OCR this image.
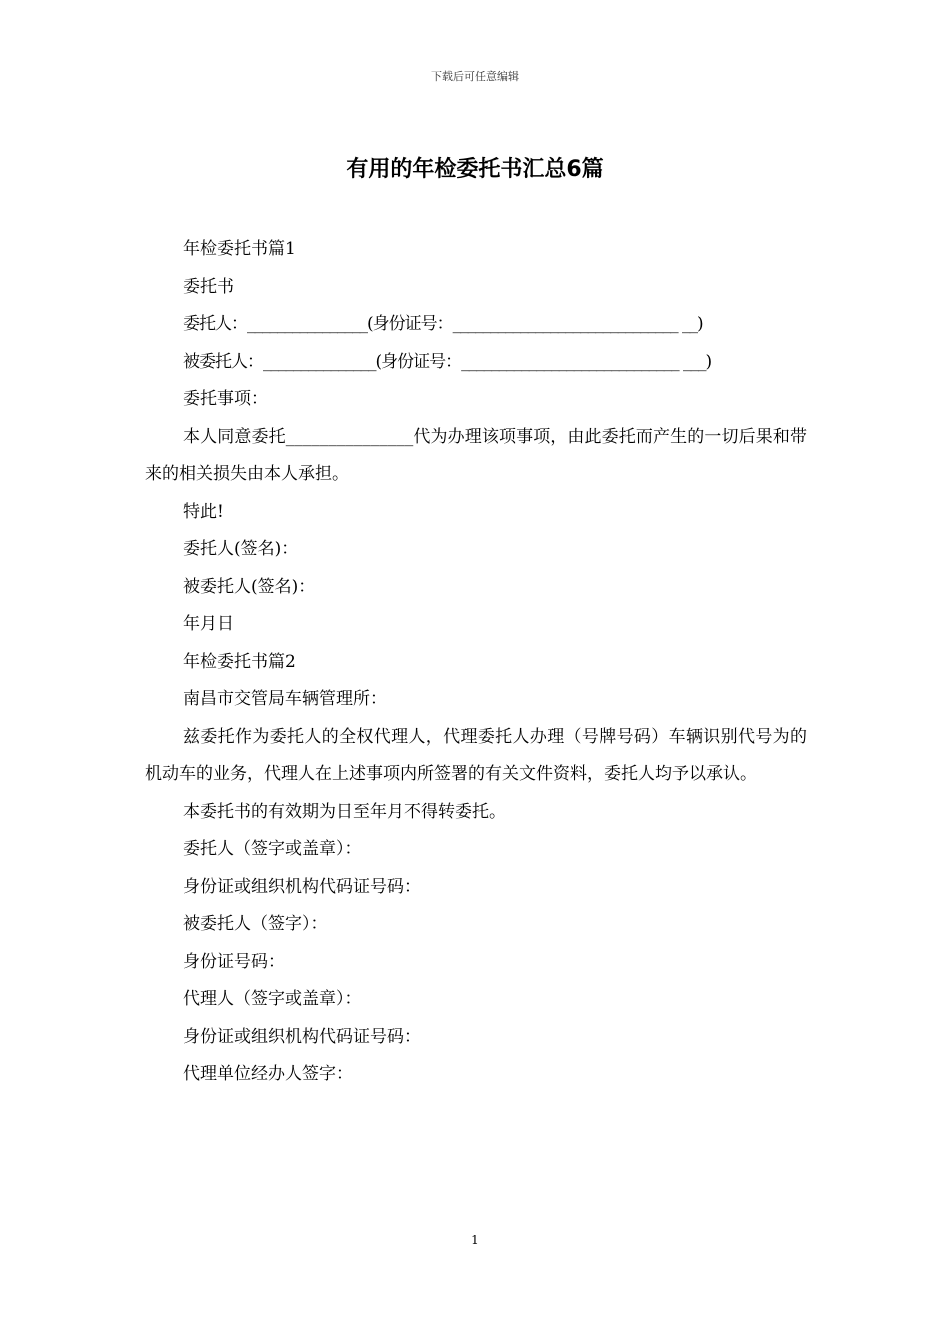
下载后可任意编辑
有用的年检委托书汇总6篇

年检委托书篇1

委托书

委托人：________________(身份证号：______________________________ __)

被委托人：_______________(身份证号：_____________________________ ___)

委托事项：

本人同意委托_______________代为办理该项事项，由此委托而产生的一切后果和带来的相关损失由本人承担。

特此!

委托人(签名)：

被委托人(签名)：

年月日

年检委托书篇2

南昌市交管局车辆管理所：

兹委托作为委托人的全权代理人，代理委托人办理（号牌号码）车辆识别代号为的机动车的业务，代理人在上述事项内所签署的有关文件资料，委托人均予以承认。

本委托书的有效期为日至年月不得转委托。

委托人（签字或盖章）：

身份证或组织机构代码证号码：

被委托人（签字）：

身份证号码：

代理人（签字或盖章）：

身份证或组织机构代码证号码：

代理单位经办人签字：

1
